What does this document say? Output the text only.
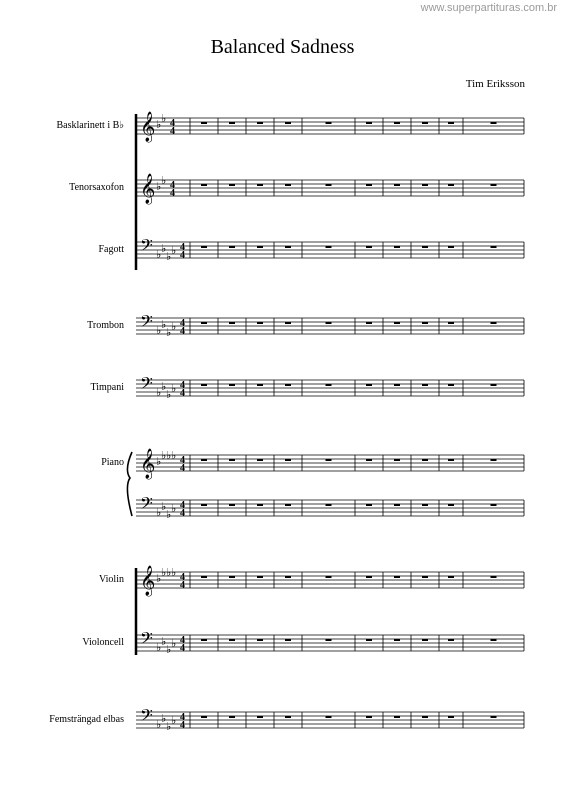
www.superpartituras.com.br
Balanced Sadness
Tim Eriksson
Basklarinett i B♭ 𝄞 ♭ ♭ 4
4
Tenorsaxofon 𝄞 ♭ ♭ 4
4
Fagott 𝄢 ♭ ♭
♭ ♭ 4
4
Trombon 𝄢 ♭ ♭
♭ ♭ 4
4
Timpani 𝄢 ♭ ♭
♭ ♭ 4
4
Piano 𝄞 ♭ ♭ ♭ ♭ 4
4
𝄢 ♭ ♭
♭ ♭ 4
4
Violin 𝄞 ♭ ♭ ♭ ♭ 4
4
Violoncell 𝄢 ♭ ♭
♭ ♭ 4
4
Femsträngad elbas 𝄢 ♭ ♭
♭ ♭ 4
4
